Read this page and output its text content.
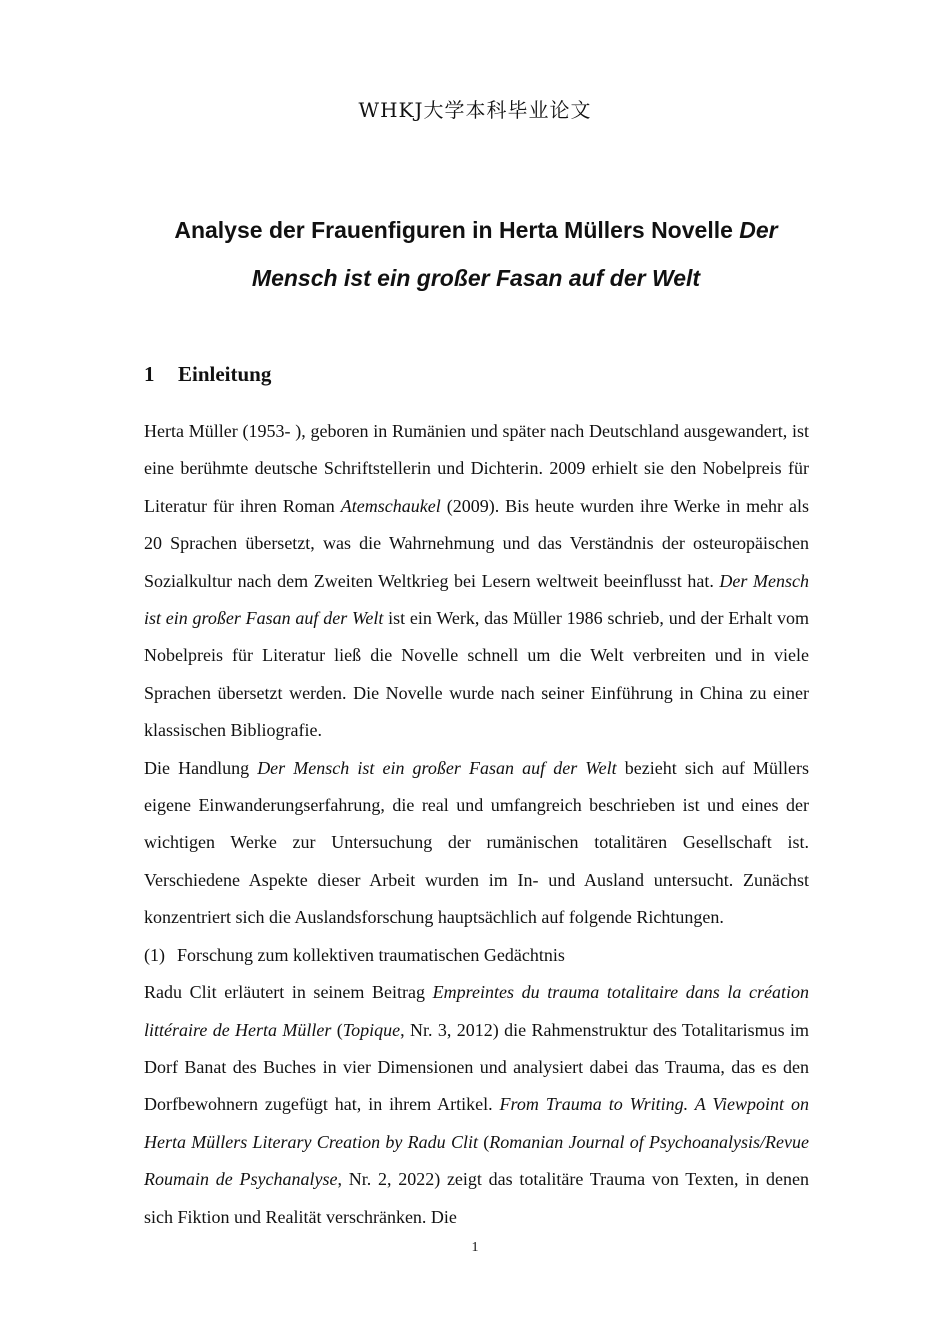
WHKJ大学本科毕业论文
Analyse der Frauenfiguren in Herta Müllers Novelle Der Mensch ist ein großer Fasan auf der Welt
1 Einleitung

Herta Müller (1953- ), geboren in Rumänien und später nach Deutschland ausgewandert, ist eine berühmte deutsche Schriftstellerin und Dichterin. 2009 erhielt sie den Nobelpreis für Literatur für ihren Roman Atemschaukel (2009). Bis heute wurden ihre Werke in mehr als 20 Sprachen übersetzt, was die Wahrnehmung und das Verständnis der osteuropäischen Sozialkultur nach dem Zweiten Weltkrieg bei Lesern weltweit beeinflusst hat. Der Mensch ist ein großer Fasan auf der Welt ist ein Werk, das Müller 1986 schrieb, und der Erhalt vom Nobelpreis für Literatur ließ die Novelle schnell um die Welt verbreiten und in viele Sprachen übersetzt werden. Die Novelle wurde nach seiner Einführung in China zu einer klassischen Bibliografie.

Die Handlung Der Mensch ist ein großer Fasan auf der Welt bezieht sich auf Müllers eigene Einwanderungserfahrung, die real und umfangreich beschrieben ist und eines der wichtigen Werke zur Untersuchung der rumänischen totalitären Gesellschaft ist. Verschiedene Aspekte dieser Arbeit wurden im In- und Ausland untersucht. Zunächst konzentriert sich die Auslandsforschung hauptsächlich auf folgende Richtungen.

(1) Forschung zum kollektiven traumatischen Gedächtnis

Radu Clit erläutert in seinem Beitrag Empreintes du trauma totalitaire dans la création littéraire de Herta Müller (Topique, Nr. 3, 2012) die Rahmenstruktur des Totalitarismus im Dorf Banat des Buches in vier Dimensionen und analysiert dabei das Trauma, das es den Dorfbewohnern zugefügt hat, in ihrem Artikel. From Trauma to Writing. A Viewpoint on Herta Müllers Literary Creation by Radu Clit (Romanian Journal of Psychoanalysis/Revue Roumain de Psychanalyse, Nr. 2, 2022) zeigt das totalitäre Trauma von Texten, in denen sich Fiktion und Realität verschränken. Die

1
